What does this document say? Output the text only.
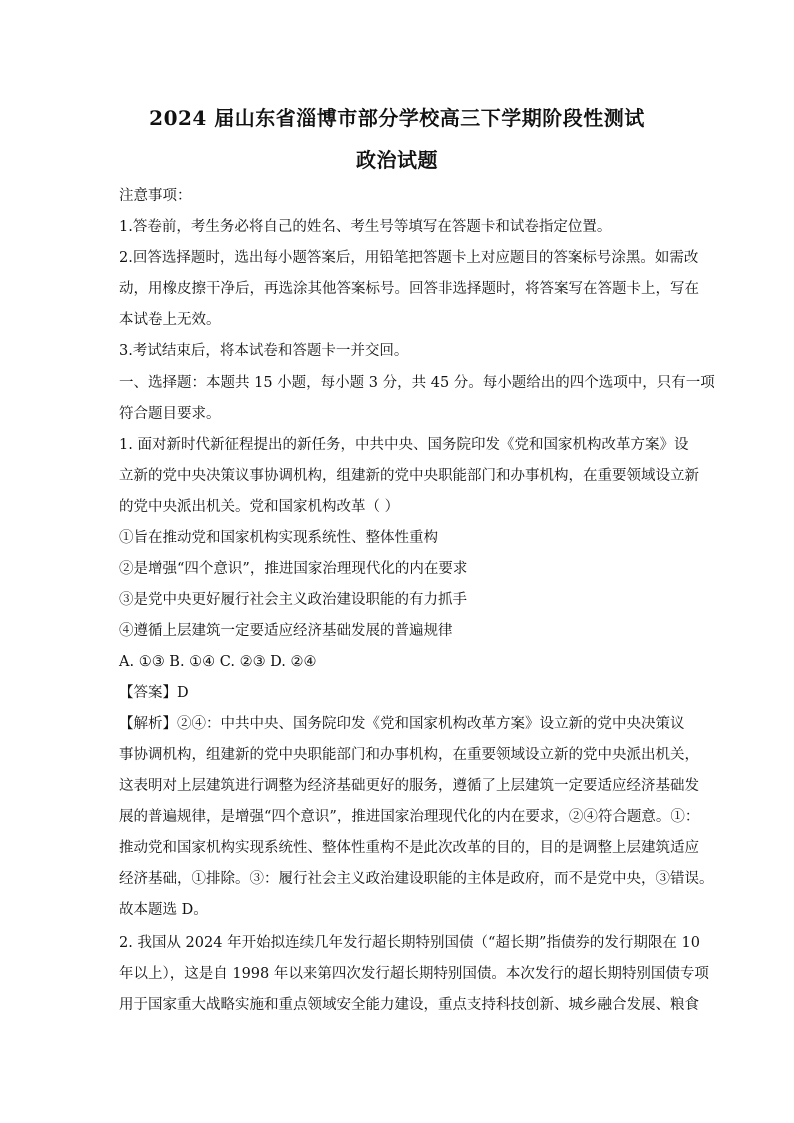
2024 届山东省淄博市部分学校高三下学期阶段性测试
政治试题
注意事项：
1.答卷前，考生务必将自己的姓名、考生号等填写在答题卡和试卷指定位置。
2.回答选择题时，选出每小题答案后，用铅笔把答题卡上对应题目的答案标号涂黑。如需改
动，用橡皮擦干净后，再选涂其他答案标号。回答非选择题时，将答案写在答题卡上，写在
本试卷上无效。
3.考试结束后，将本试卷和答题卡一并交回。
一、选择题：本题共 15 小题，每小题 3 分，共 45 分。每小题给出的四个选项中，只有一项
符合题目要求。
1. 面对新时代新征程提出的新任务，中共中央、国务院印发《党和国家机构改革方案》设
立新的党中央决策议事协调机构，组建新的党中央职能部门和办事机构，在重要领域设立新
的党中央派出机关。党和国家机构改革（ ）
①旨在推动党和国家机构实现系统性、整体性重构
②是增强“四个意识”，推进国家治理现代化的内在要求
③是党中央更好履行社会主义政治建设职能的有力抓手
④遵循上层建筑一定要适应经济基础发展的普遍规律
A. ①③ B. ①④ C. ②③ D. ②④
【答案】D
【解析】②④：中共中央、国务院印发《党和国家机构改革方案》设立新的党中央决策议
事协调机构，组建新的党中央职能部门和办事机构，在重要领域设立新的党中央派出机关，
这表明对上层建筑进行调整为经济基础更好的服务，遵循了上层建筑一定要适应经济基础发
展的普遍规律，是增强“四个意识”，推进国家治理现代化的内在要求，②④符合题意。①：
推动党和国家机构实现系统性、整体性重构不是此次改革的目的，目的是调整上层建筑适应
经济基础，①排除。③：履行社会主义政治建设职能的主体是政府，而不是党中央，③错误。
故本题选 D。
2. 我国从 2024 年开始拟连续几年发行超长期特别国债（“超长期”指债券的发行期限在 10
年以上），这是自 1998 年以来第四次发行超长期特别国债。本次发行的超长期特别国债专项
用于国家重大战略实施和重点领域安全能力建设，重点支持科技创新、城乡融合发展、粮食
